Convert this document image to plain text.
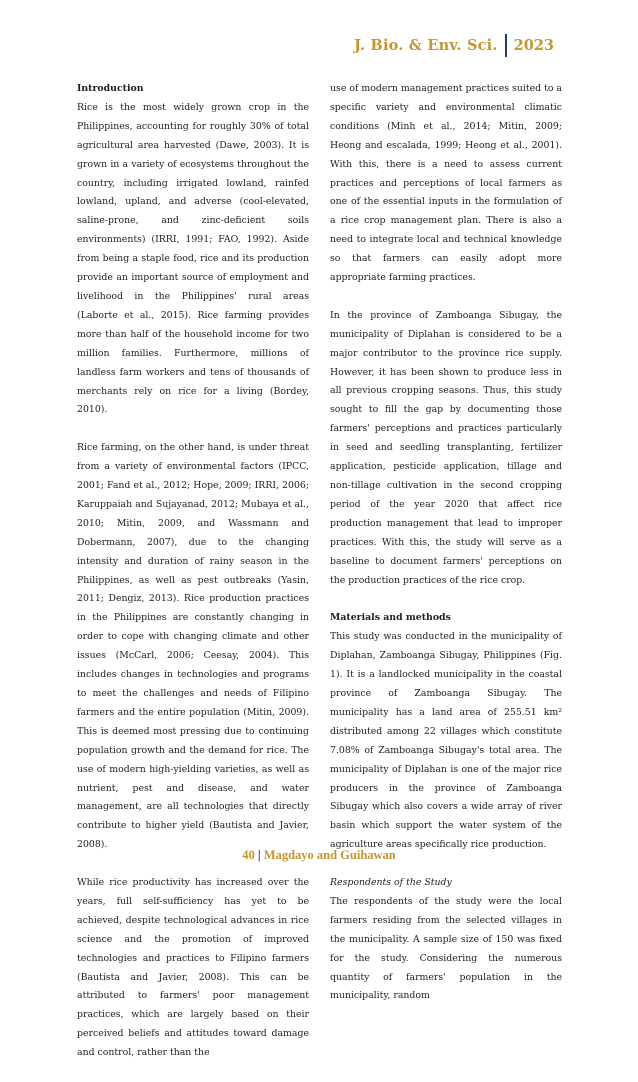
J. Bio. & Env. Sci.	2023
Introduction

Rice is the most widely grown crop in the Philippines, accounting for roughly 30% of total agricultural area harvested (Dawe, 2003). It is grown in a variety of ecosystems throughout the country, including irrigated lowland, rainfed lowland, upland, and adverse (cool-elevated, saline-prone, and zinc-deficient soils environments) (IRRI, 1991; FAO, 1992). Aside from being a staple food, rice and its production provide an important source of employment and livelihood in the Philippines' rural areas (Laborte et al., 2015). Rice farming provides more than half of the household income for two million families. Furthermore, millions of landless farm workers and tens of thousands of merchants rely on rice for a living (Bordey, 2010).

Rice farming, on the other hand, is under threat from a variety of environmental factors (IPCC, 2001; Fand et al., 2012; Hope, 2009; IRRI, 2006; Karuppaiah and Sujayanad, 2012; Mubaya et al., 2010; Mitin, 2009, and Wassmann and Dobermann, 2007), due to the changing intensity and duration of rainy season in the Philippines, as well as pest outbreaks (Yasin, 2011; Dengiz, 2013). Rice production practices in the Philippines are constantly changing in order to cope with changing climate and other issues (McCarl, 2006; Ceesay, 2004). This includes changes in technologies and programs to meet the challenges and needs of Filipino farmers and the entire population (Mitin, 2009). This is deemed most pressing due to continuing population growth and the demand for rice. The use of modern high-yielding varieties, as well as nutrient, pest and disease, and water management, are all technologies that directly contribute to higher yield (Bautista and Javier, 2008).

While rice productivity has increased over the years, full self-sufficiency has yet to be achieved, despite technological advances in rice science and the promotion of improved technologies and practices to Filipino farmers (Bautista and Javier, 2008). This can be attributed to farmers' poor management practices, which are largely based on their perceived beliefs and attitudes toward damage and control, rather than the

use of modern management practices suited to a specific variety and environmental climatic conditions (Minh et al., 2014; Mitin, 2009; Heong and escalada, 1999; Heong et al., 2001). With this, there is a need to assess current practices and perceptions of local farmers as one of the essential inputs in the formulation of a rice crop management plan. There is also a need to integrate local and technical knowledge so that farmers can easily adopt more appropriate farming practices.

In the province of Zamboanga Sibugay, the municipality of Diplahan is considered to be a major contributor to the province rice supply. However, it has been shown to produce less in all previous cropping seasons. Thus, this study sought to fill the gap by documenting those farmers' perceptions and practices particularly in seed and seedling transplanting, fertilizer application, pesticide application, tillage and non-tillage cultivation in the second cropping period of the year 2020 that affect rice production management that lead to improper practices. With this, the study will serve as a baseline to document farmers' perceptions on the production practices of the rice crop.

Materials and methods

This study was conducted in the municipality of Diplahan, Zamboanga Sibugay, Philippines (Fig. 1). It is a landlocked municipality in the coastal province of Zamboanga Sibugay. The municipality has a land area of 255.51 km² distributed among 22 villages which constitute 7.08% of Zamboanga Sibugay's total area. The municipality of Diplahan is one of the major rice producers in the province of Zamboanga Sibugay which also covers a wide array of river basin which support the water system of the agriculture areas specifically rice production.

Respondents of the Study

The respondents of the study were the local farmers residing from the selected villages in the municipality. A sample size of 150 was fixed for the study. Considering the numerous quantity of farmers' population in the municipality, random

40 | Magdayo and Guihawan
